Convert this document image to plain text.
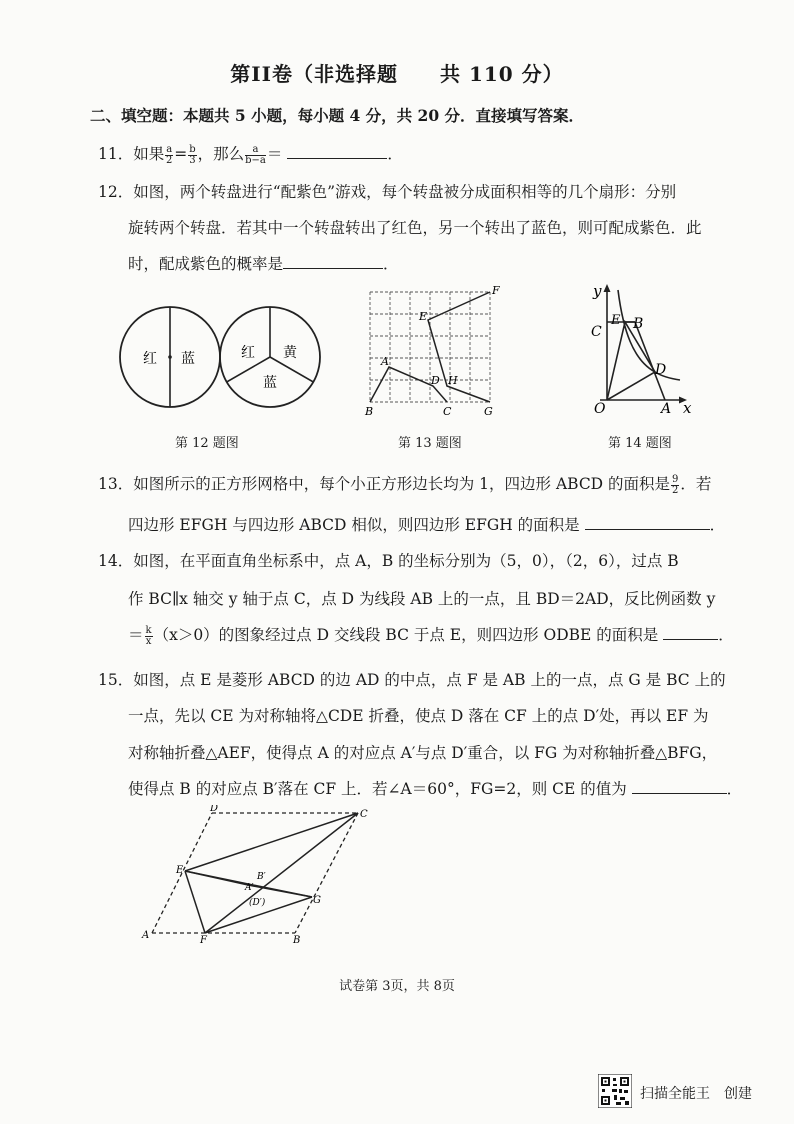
第II卷（非选择题　　共 110 分）
二、填空题：本题共 5 小题，每小题 4 分，共 20 分．直接填写答案．
11．如果 $\frac{a}{2} = \frac{b}{3}$ ，那么 $\frac{a}{b-a}$ ＝	．
12．如图，两个转盘进行“配紫色”游戏，每个转盘被分成面积相等的几个扇形：分别
旋转两个转盘．若其中一个转盘转出了红色，另一个转出了蓝色，则可配成紫色．此
时，配成紫色的概率是	．
红 蓝	红 黄
蓝
第 12 题图
F
E
A
D H
B	C	G
第 13 题图
y
C
E B
D
O	A x
第 14 题图
13．如图所示的正方形网格中，每个小正方形边长均为 1，四边形 ABCD 的面积是 $\frac{9}{2}$ ．若
四边形 EFGH 与四边形 ABCD 相似，则四边形 EFGH 的面积是	．
14．如图，在平面直角坐标系中，点 A，B 的坐标分别为（5，0），（2，6），过点 B
作 BC∥x 轴交 y 轴于点 C，点 D 为线段 AB 上的一点，且 BD＝2AD，反比例函数 y
＝ $\frac{k}{x} (x>0)$的图象经过点 D 交线段 BC 于点 E，则四边形 ODBE 的面积是	．
15．如图，点 E 是菱形 ABCD 的边 AD 的中点，点 F 是 AB 上的一点，点 G 是 BC 上的
一点，先以 CE 为对称轴将△CDE 折叠，使点 D 落在 CF 上的点 D′处，再以 EF 为
对称轴折叠△AEF，使得点 A 的对应点 A′与点 D′重合，以 FG 为对称轴折叠△BFG，
使得点 B 的对应点 B′落在 CF 上．若∠A＝60°，FG=2，则 CE 的值为	．
D
C
E
B′
A′
(D′)	G
A	F	B
试卷第 3页，共 8页
扫描全能王　创建
